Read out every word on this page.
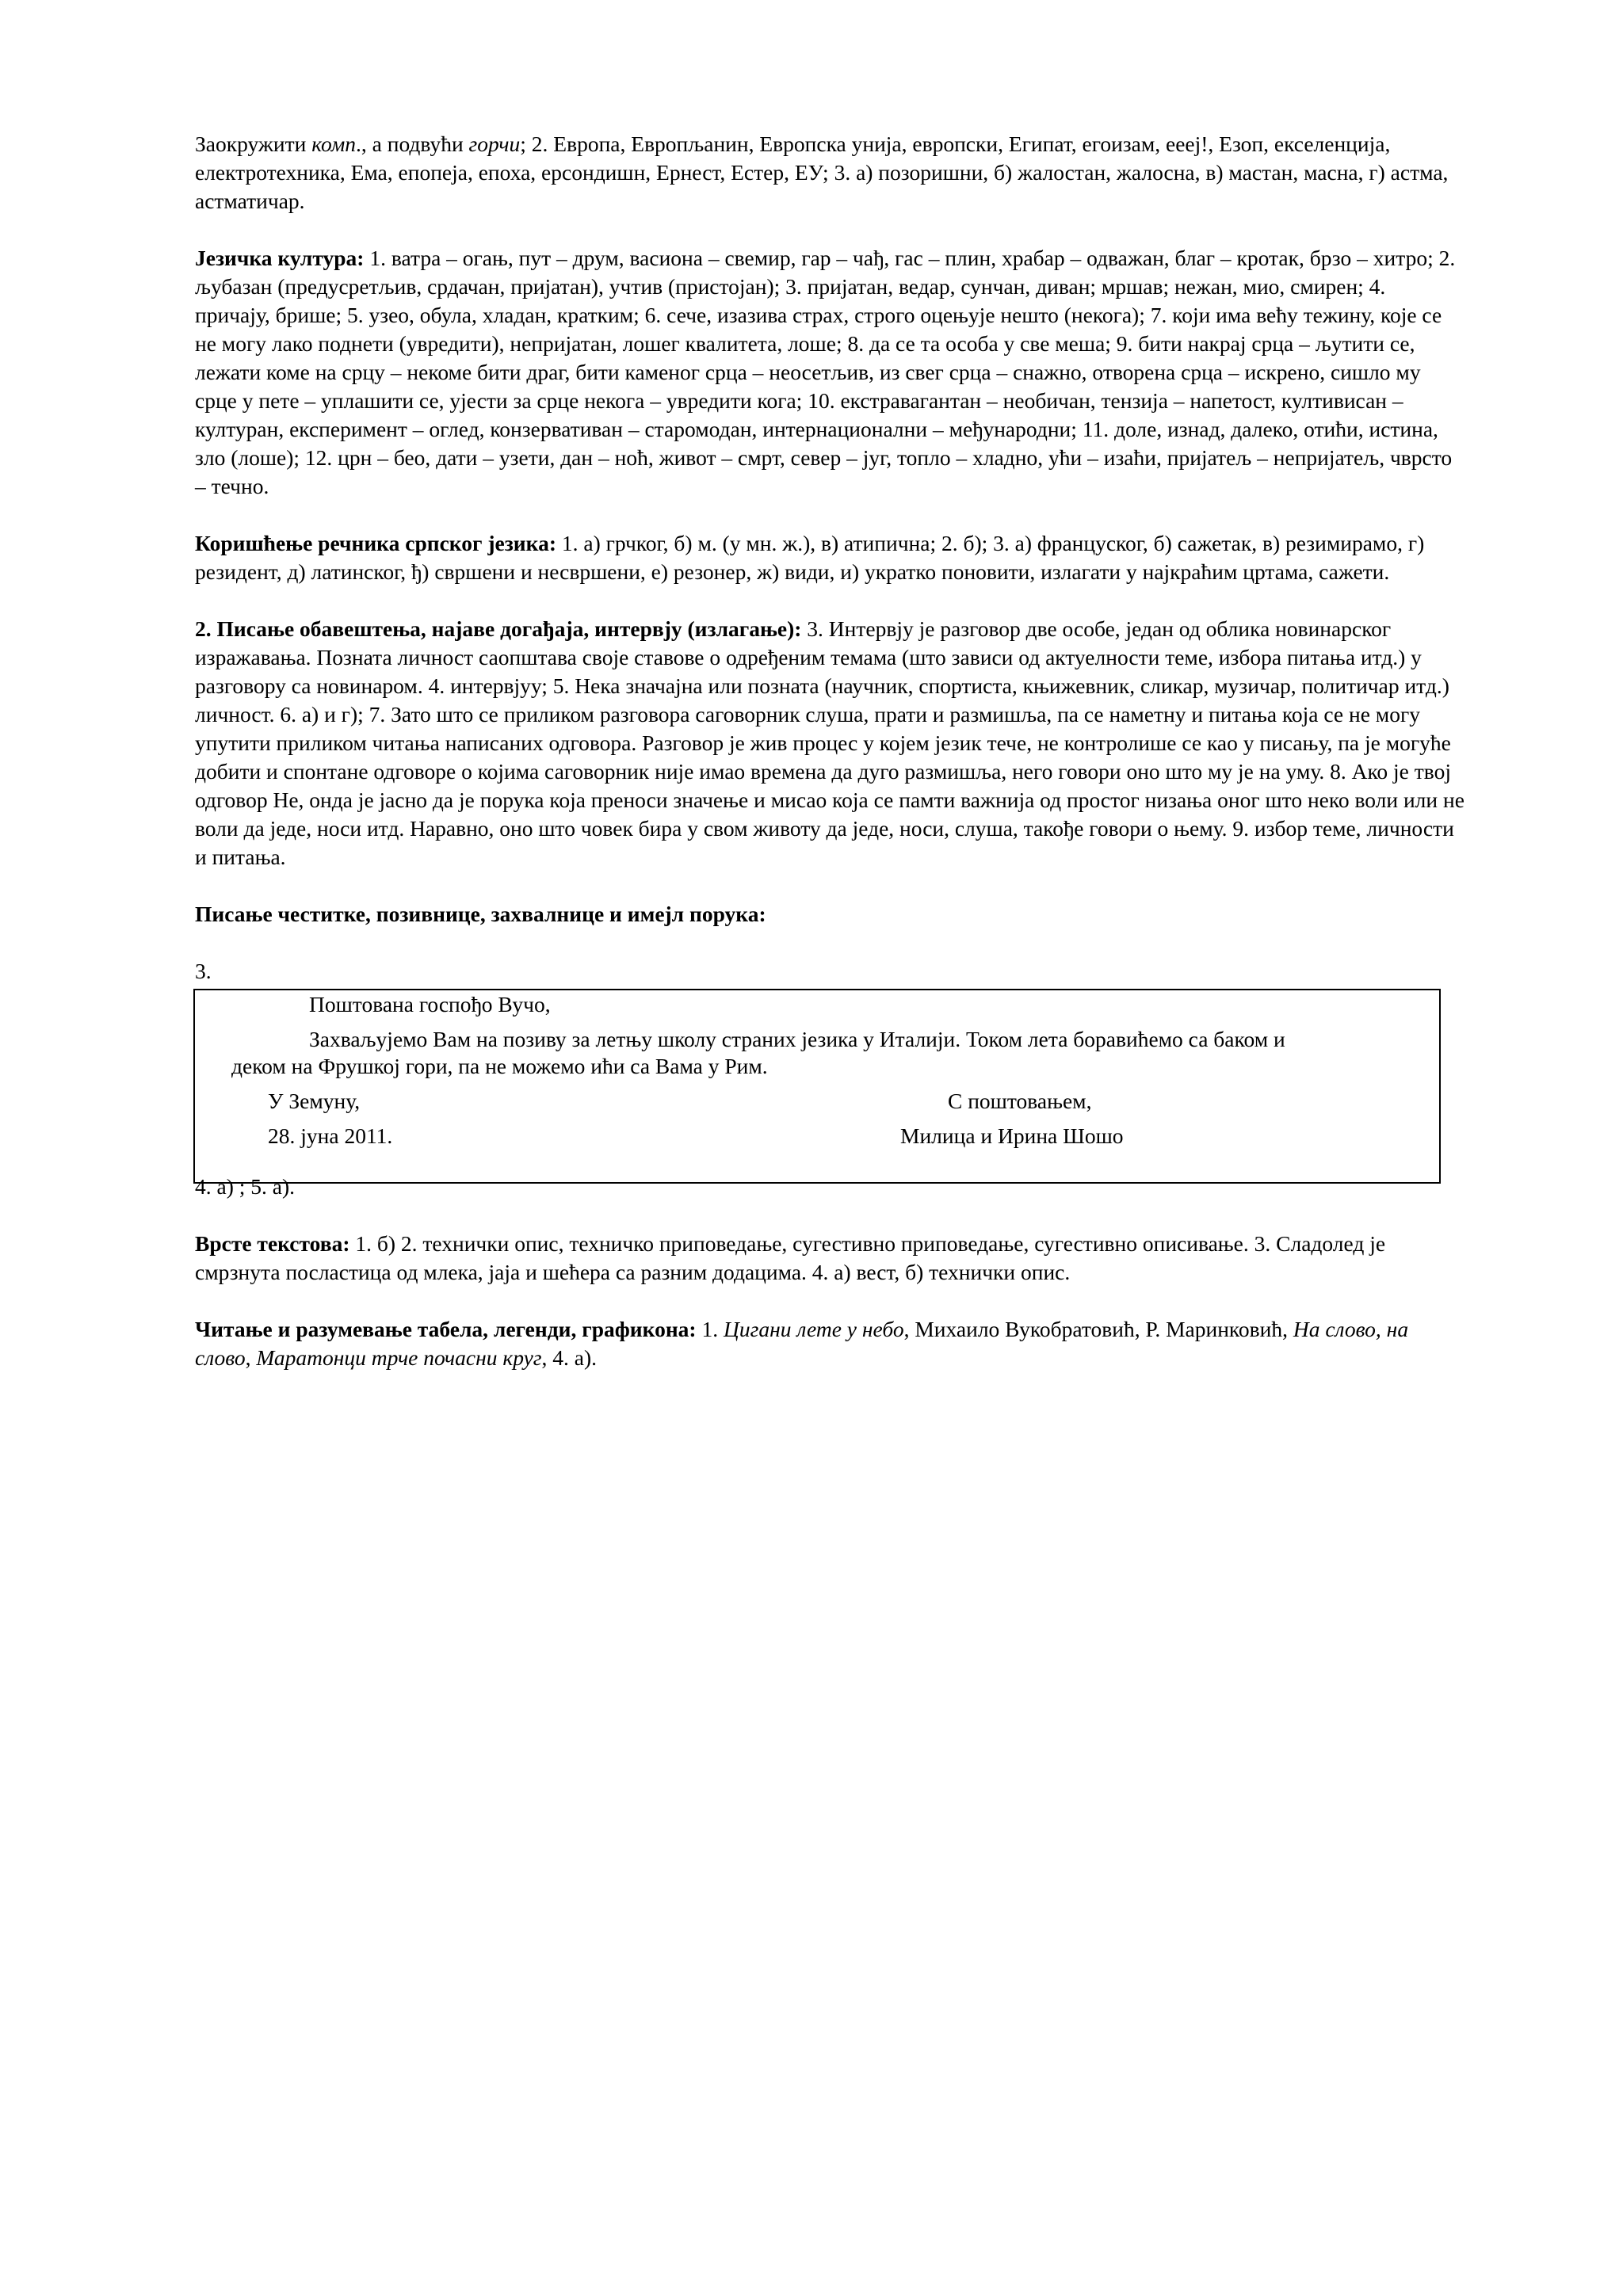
Заокружити комп., а подвући горчи; 2. Европа, Европљанин, Европска унија, европски, Египат, егоизам, ееej!, Езоп, екселенција, електротехника, Ема, епопеја, епоха, ерcондишн, Ернест, Естер, ЕУ; 3. а) позоришни, б) жалостан, жалосна, в) мастан, масна, г) астма, астматичар.

Језичка култура: 1. ватра – огањ, пут – друм, васиона – свемир, гар – чађ, гас – плин, храбар – одважан, благ – кротак, брзо – хитро; 2. љубазан (предусретљив, срдачан, пријатан), учтив (пристојан); 3. пријатан, ведар, сунчан, диван; мршав; нежан, мио, смирен; 4. причају, брише; 5. узео, обула, хладан, кратким; 6. сече, изазива страх, строго оцењује нешто (некога); 7. који има већу тежину, које се не могу лако поднети (увредити), непријатан, лошег квалитета, лоше; 8. да се та особа у све меша; 9. бити накрај срца – љутити се, лежати коме на срцу – некоме бити драг, бити каменог срца – неосетљив, из свег срца – снажно, отворена срца – искрено, сишло му срце у пете – уплашити се, ујести за срце некога – увредити кога; 10. екстравагантан – необичан, тензија – напетост, култивисан – културан, експеримент – оглед, конзервативан – старомодан, интернационални – међународни; 11. доле, изнад, далеко, отићи, истина, зло (лоше); 12. црн – бео, дати – узети, дан – ноћ, живот – смрт, север – југ, топло – хладно, ући – изаћи, пријатељ – непријатељ, чврсто – течно.

Коришћење речника српског језика: 1. а) грчког, б) м. (у мн. ж.), в) атипична; 2. б); 3. а) француског, б) сажетак, в) резимирамо, г) резидент, д) латинског, ђ) свршени и несвршени, е) резонер, ж) види, и) укратко поновити, излагати у најкраћим цртама, сажети.

2. Писање обавештења, најаве догађаја, интервју (излагање): 3. Интервју је разговор две особе, један од облика новинарског изражавања. Позната личност саопштава своје ставове о одређеним темама (што зависи од актуелности теме, избора питања итд.) у разговору са новинаром. 4. интервјуу; 5. Нека значајна или позната (научник, спортиста, књижевник, сликар, музичар, политичар итд.) личност. 6. а) и г); 7. Зато што се приликом разговора саговорник слуша, прати и размишља, па се наметну и питања која се не могу упутити приликом читања написаних одговора. Разговор је жив процес у којем језик тече, не контролише се као у писању, па је могуће добити и спонтане одговоре о којима саговорник није имао времена да дуго размишља, него говори оно што му је на уму. 8. Ако је твој одговор Не, онда је јасно да је порука која преноси значење и мисао која се памти важнија од простог низања оног што неко воли или не воли да једе, носи итд. Наравно, оно што човек бира у свом животу да једе, носи, слуша, такође говори о њему. 9. избор теме, личности и питања.

Писање честитке, позивнице, захвалнице и имејл порука:

3.

Поштована госпођо Вучо,
Захваљујемо Вам на позиву за летњу школу страних језика у Италији. Током лета боравићемо са баком и
деком на Фрушкој гори, па не можемо ићи са Вама у Рим.
У Земуну,	С поштовањем,
28. јуна 2011.	Милица и Ирина Шошо

4. а) ; 5. а).

Врсте текстова: 1. б) 2. технички опис, техничко приповедање, сугестивно приповедање, сугестивно описивање. 3. Сладолед је смрзнута посластица од млека, јаја и шећера са разним додацима. 4. а) вест, б) технички опис.

Читање и разумевање табела, легенди, графикона: 1. Цигани лете у небо, Михаило Вукобратовић, Р. Маринковић, На слово, на слово, Маратонци трче почасни круг, 4. а).
